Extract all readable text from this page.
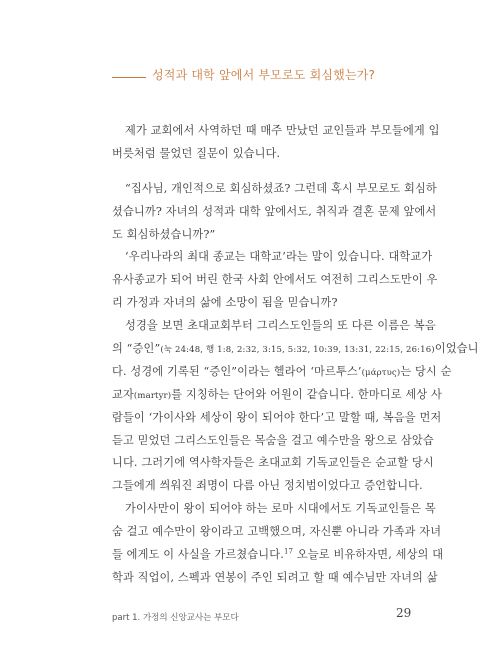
성적과 대학 앞에서 부모로도 회심했는가?
제가 교회에서 사역하던 때 매주 만났던 교인들과 부모들에게 입
버릇처럼 물었던 질문이 있습니다.
“집사님, 개인적으로 회심하셨죠? 그런데 혹시 부모로도 회심하
셨습니까? 자녀의 성적과 대학 앞에서도, 취직과 결혼 문제 앞에서
도 회심하셨습니까?”
‘우리나라의 최대 종교는 대학교’라는 말이 있습니다. 대학교가
유사종교가 되어 버린 한국 사회 안에서도 여전히 그리스도만이 우
리 가정과 자녀의 삶에 소망이 됨을 믿습니까?
성경을 보면 초대교회부터 그리스도인들의 또 다른 이름은 복음
의 “증인”(눅 24:48, 행 1:8, 2:32, 3:15, 5:32, 10:39, 13:31, 22:15, 26:16)이었습니
다. 성경에 기록된 “증인”이라는 헬라어 ‘마르투스’(μάρτυς)는 당시 순
교자(martyr)를 지칭하는 단어와 어원이 같습니다. 한마디로 세상 사
람들이 ‘가이사와 세상이 왕이 되어야 한다’고 말할 때, 복음을 먼저
듣고 믿었던 그리스도인들은 목숨을 걸고 예수만을 왕으로 삼았습
니다. 그러기에 역사학자들은 초대교회 기독교인들은 순교할 당시
그들에게 씌워진 죄명이 다름 아닌 정치범이었다고 증언합니다.
가이사만이 왕이 되어야 하는 로마 시대에서도 기독교인들은 목
숨 걸고 예수만이 왕이라고 고백했으며, 자신뿐 아니라 가족과 자녀
들 에게도 이 사실을 가르쳤습니다.$^{17}$ 오늘로 비유하자면, 세상의 대
학과 직업이, 스펙과 연봉이 주인 되려고 할 때 예수님만 자녀의 삶
part 1. 가정의 신앙교사는 부모다	29
